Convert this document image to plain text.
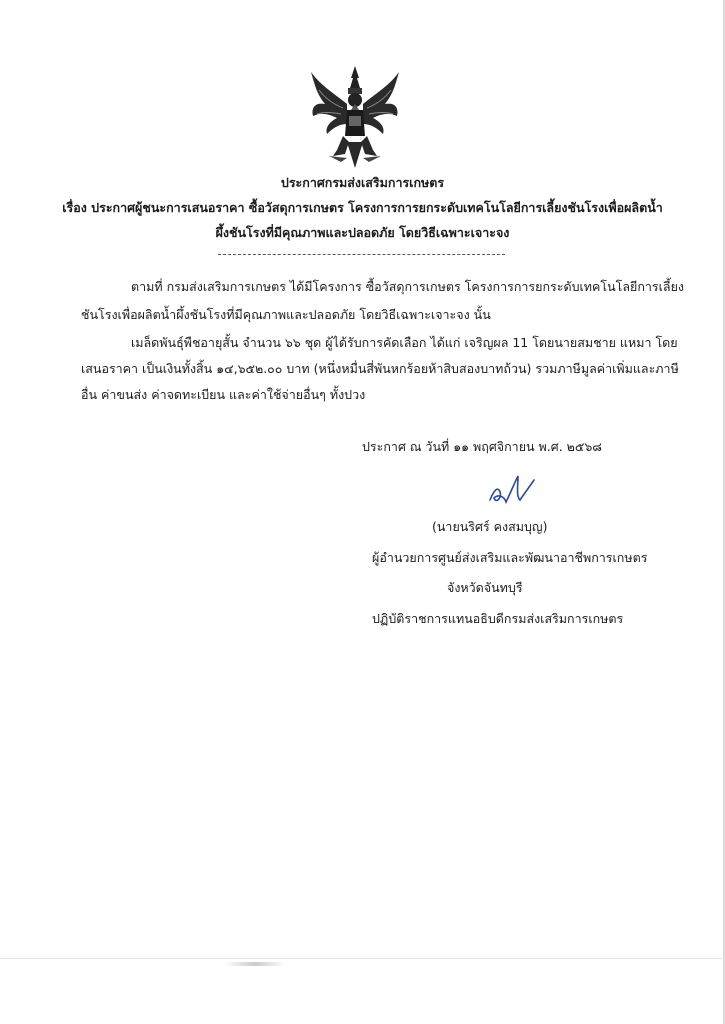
ประกาศกรมส่งเสริมการเกษตร
เรื่อง ประกาศผู้ชนะการเสนอราคา ซื้อวัสดุการเกษตร โครงการการยกระดับเทคโนโลยีการเลี้ยงชันโรงเพื่อผลิตน้ำ
ผึ้งชันโรงที่มีคุณภาพและปลอดภัย โดยวิธีเฉพาะเจาะจง
ตามที่ กรมส่งเสริมการเกษตร ได้มีโครงการ ซื้อวัสดุการเกษตร โครงการการยกระดับเทคโนโลยีการเลี้ยง
ชันโรงเพื่อผลิตน้ำผึ้งชันโรงที่มีคุณภาพและปลอดภัย โดยวิธีเฉพาะเจาะจง นั้น
เมล็ดพันธุ์พืชอายุสั้น จำนวน ๖๖ ชุด ผู้ได้รับการคัดเลือก ได้แก่ เจริญผล 11 โดยนายสมชาย แหมา โดย
เสนอราคา เป็นเงินทั้งสิ้น ๑๔,๖๕๒.๐๐ บาท (หนึ่งหมื่นสี่พันหกร้อยห้าสิบสองบาทถ้วน) รวมภาษีมูลค่าเพิ่มและภาษี
อื่น ค่าขนส่ง ค่าจดทะเบียน และค่าใช้จ่ายอื่นๆ ทั้งปวง
ประกาศ ณ วันที่ ๑๑ พฤศจิกายน พ.ศ. ๒๕๖๘
(นายนริศร์ คงสมบุญ)
ผู้อำนวยการศูนย์ส่งเสริมและพัฒนาอาชีพการเกษตร
จังหวัดจันทบุรี
ปฏิบัติราชการแทนอธิบดีกรมส่งเสริมการเกษตร
